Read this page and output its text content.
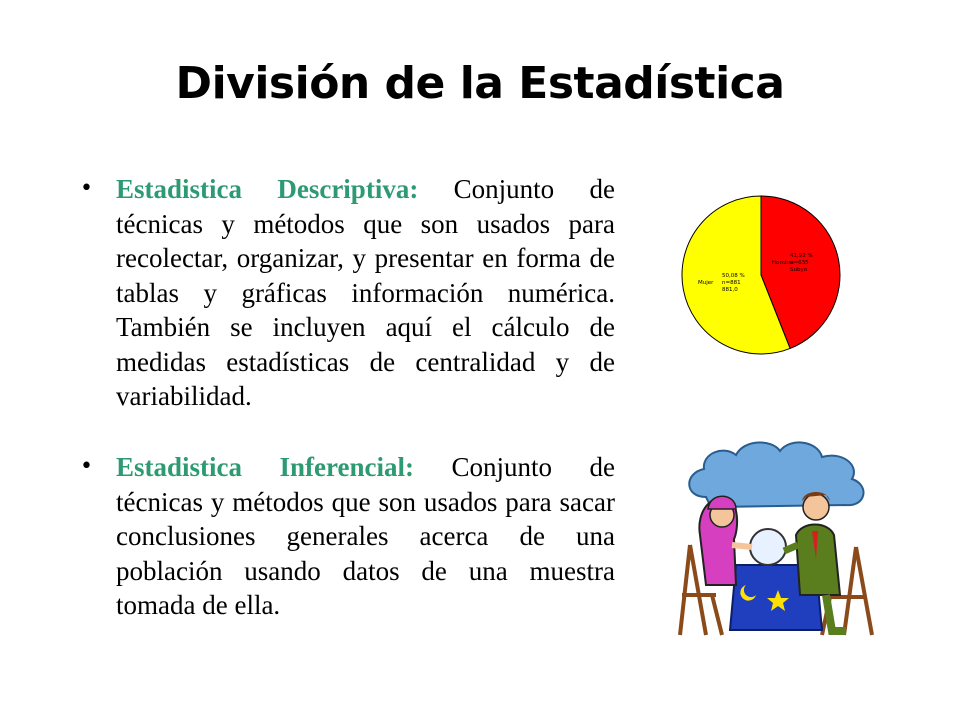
División de la Estadística
• Estadistica Descriptiva: Conjunto de técnicas y métodos que son usados para recolectar, organizar, y presentar en forma de tablas y gráficas información numérica. También se incluyen aquí el cálculo de medidas estadísticas de centralidad y de variabilidad.
• Estadistica Inferencial: Conjunto de técnicas y métodos que son usados para sacar conclusiones generales acerca de una población usando datos de una muestra tomada de ella.
Hombre
41,92 %
n=635
Subyo
Mujer
50,08 %
n=881
881,0
